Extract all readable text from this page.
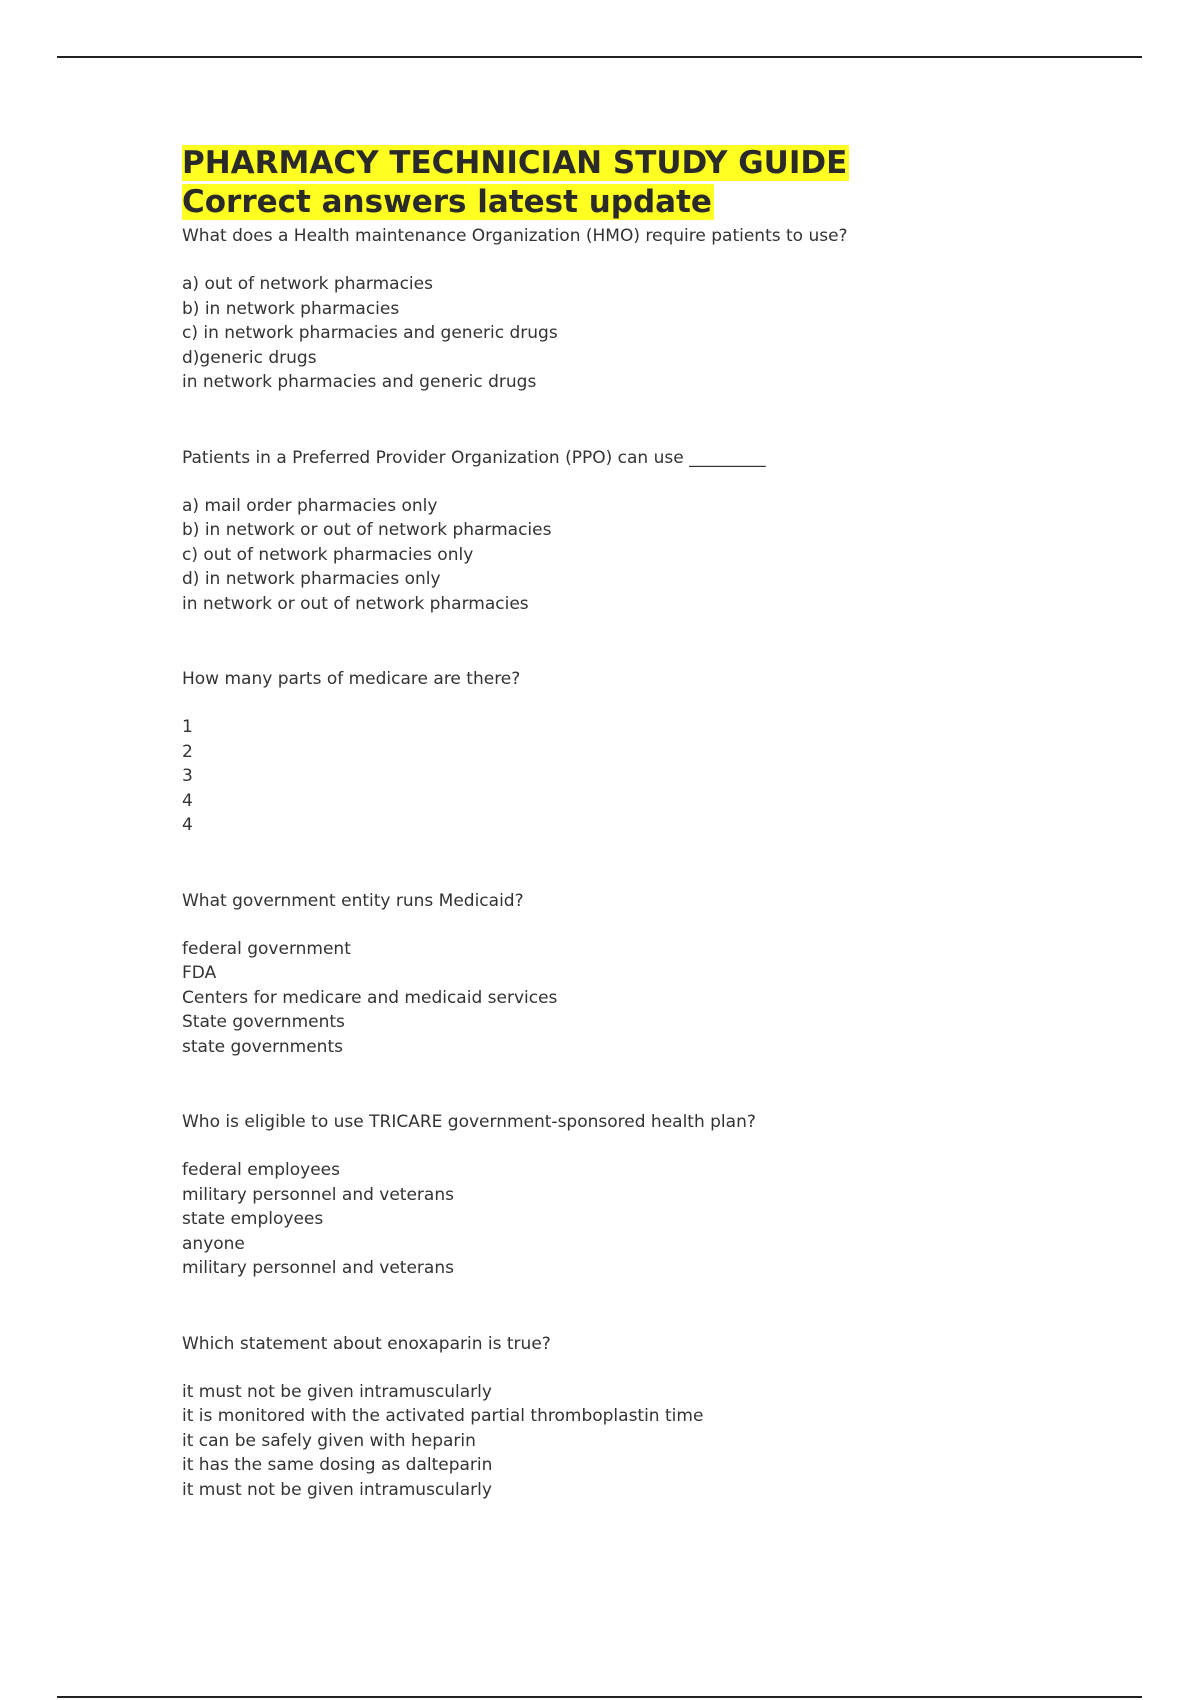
PHARMACY TECHNICIAN STUDY GUIDE
Correct answers latest update

What does a Health maintenance Organization (HMO) require patients to use?

a) out of network pharmacies
b) in network pharmacies
c) in network pharmacies and generic drugs
d)generic drugs

in network pharmacies and generic drugs

Patients in a Preferred Provider Organization (PPO) can use _________

a) mail order pharmacies only
b) in network or out of network pharmacies
c) out of network pharmacies only
d) in network pharmacies only

in network or out of network pharmacies

How many parts of medicare are there?

1
2
3
4

4

What government entity runs Medicaid?

federal government
FDA
Centers for medicare and medicaid services
State governments

state governments

Who is eligible to use TRICARE government-sponsored health plan?

federal employees
military personnel and veterans
state employees
anyone

military personnel and veterans

Which statement about enoxaparin is true?

it must not be given intramuscularly
it is monitored with the activated partial thromboplastin time
it can be safely given with heparin
it has the same dosing as dalteparin

it must not be given intramuscularly
